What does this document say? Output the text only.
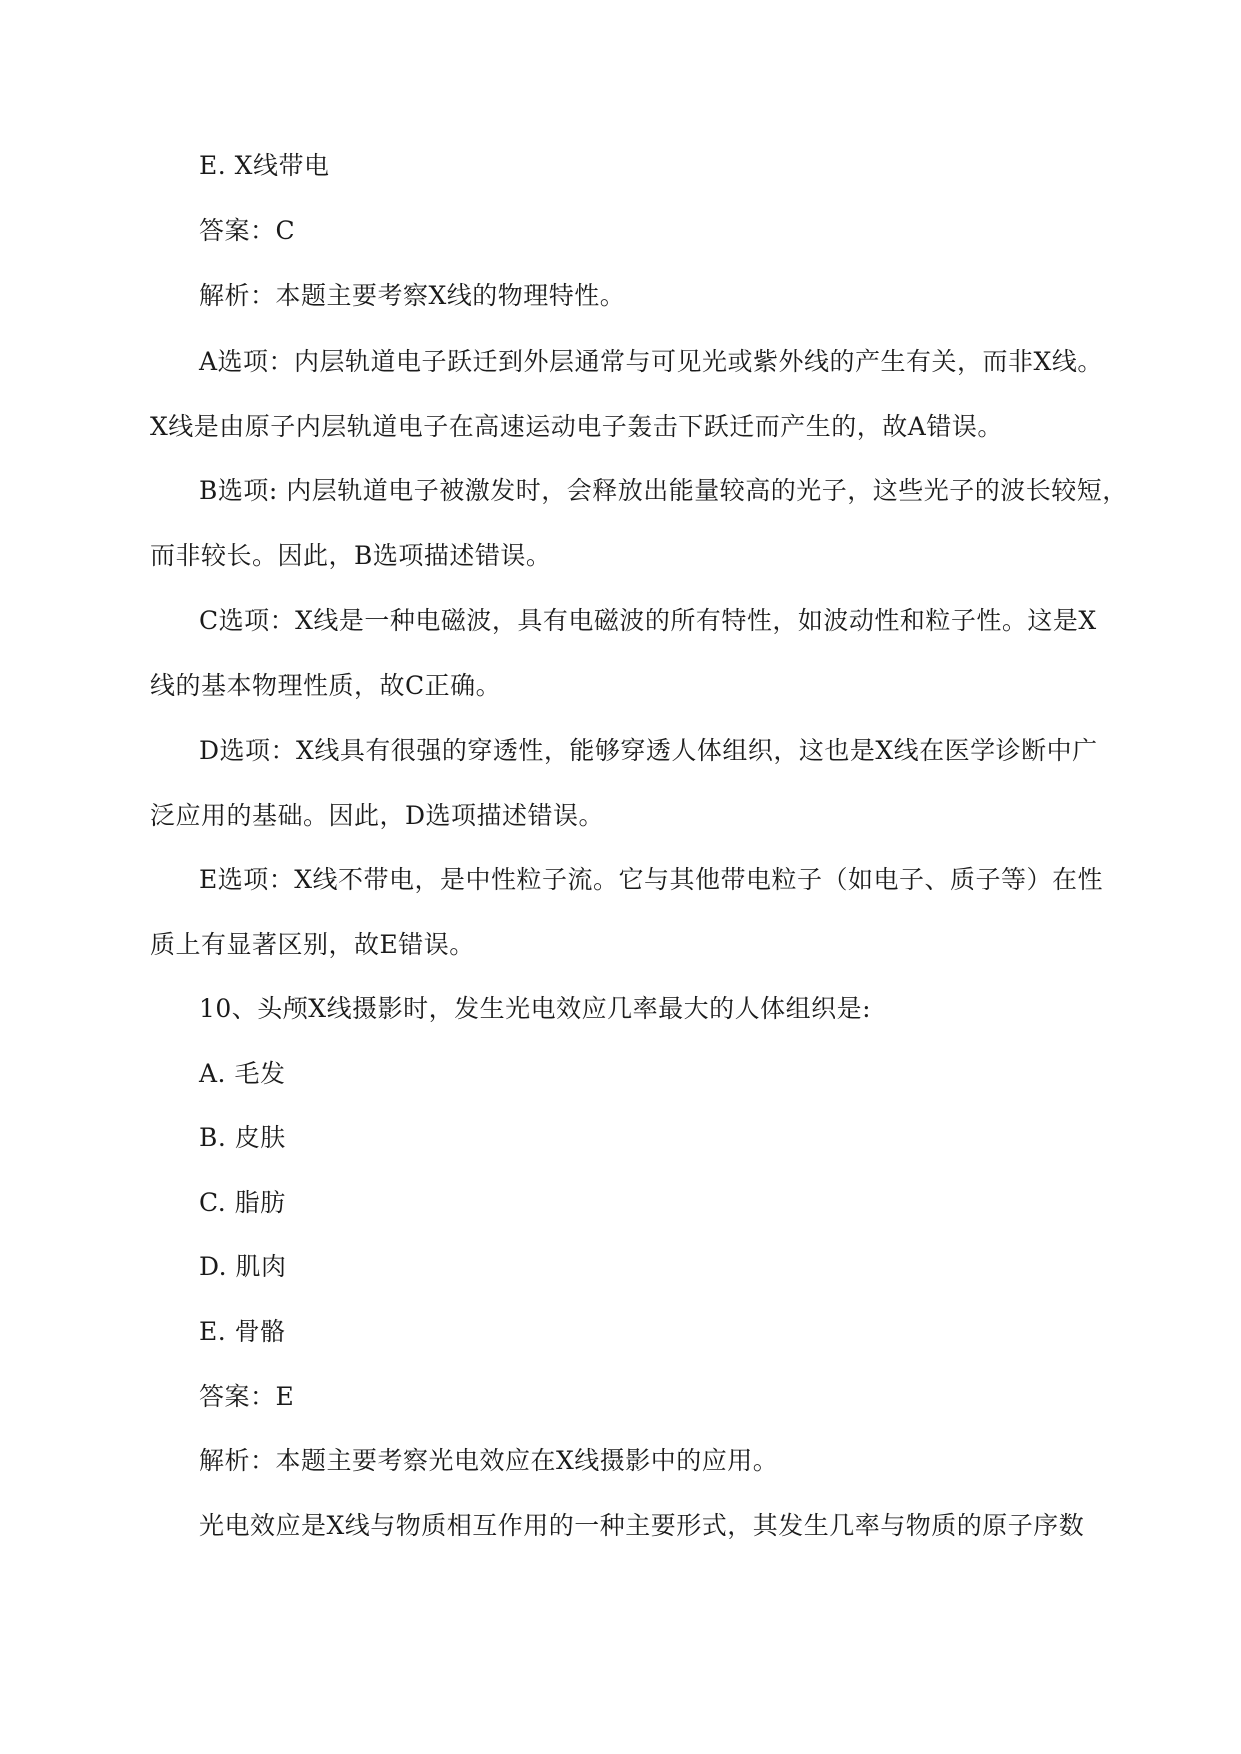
E. X线带电
答案：C
解析：本题主要考察X线的物理特性。
A选项：内层轨道电子跃迁到外层通常与可见光或紫外线的产生有关，而非X线。
X线是由原子内层轨道电子在高速运动电子轰击下跃迁而产生的，故A错误。
B选项: 内层轨道电子被激发时，会释放出能量较高的光子，这些光子的波长较短，
而非较长。因此，B选项描述错误。
C选项：X线是一种电磁波，具有电磁波的所有特性，如波动性和粒子性。这是X
线的基本物理性质，故C正确。
D选项：X线具有很强的穿透性，能够穿透人体组织，这也是X线在医学诊断中广
泛应用的基础。因此，D选项描述错误。
E选项：X线不带电，是中性粒子流。它与其他带电粒子（如电子、质子等）在性
质上有显著区别，故E错误。
10、头颅X线摄影时，发生光电效应几率最大的人体组织是:
A. 毛发
B. 皮肤
C. 脂肪
D. 肌肉
E. 骨骼
答案：E
解析：本题主要考察光电效应在X线摄影中的应用。
光电效应是X线与物质相互作用的一种主要形式，其发生几率与物质的原子序数
